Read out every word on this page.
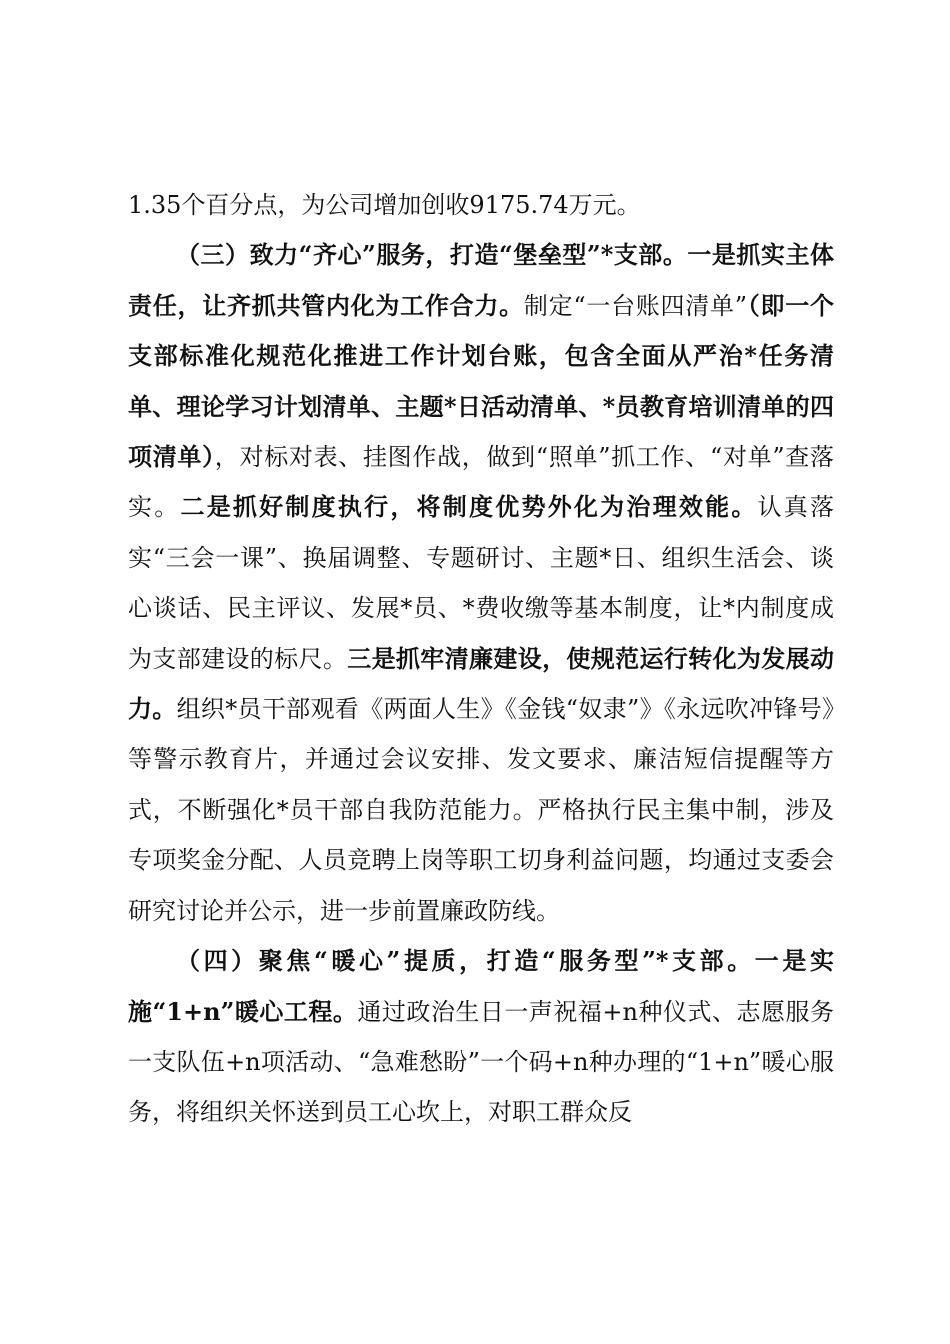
1.35个百分点，为公司增加创收9175.74万元。

（三）致力“齐心”服务，打造“堡垒型”*支部。一是抓实主体责任，让齐抓共管内化为工作合力。制定“一台账四清单”（即一个支部标准化规范化推进工作计划台账，包含全面从严治*任务清单、理论学习计划清单、主题*日活动清单、*员教育培训清单的四项清单），对标对表、挂图作战，做到“照单”抓工作、“对单”查落实。二是抓好制度执行，将制度优势外化为治理效能。认真落实“三会一课”、换届调整、专题研讨、主题*日、组织生活会、谈心谈话、民主评议、发展*员、*费收缴等基本制度，让*内制度成为支部建设的标尺。三是抓牢清廉建设，使规范运行转化为发展动力。组织*员干部观看《两面人生》《金钱“奴隶”》《永远吹冲锋号》等警示教育片，并通过会议安排、发文要求、廉洁短信提醒等方式，不断强化*员干部自我防范能力。严格执行民主集中制，涉及专项奖金分配、人员竞聘上岗等职工切身利益问题，均通过支委会研究讨论并公示，进一步前置廉政防线。

（四）聚焦“暖心”提质，打造“服务型”*支部。一是实施“1+n”暖心工程。通过政治生日一声祝福+n种仪式、志愿服务一支队伍+n项活动、“急难愁盼”一个码+n种办理的“1+n”暖心服务，将组织关怀送到员工心坎上，对职工群众反
